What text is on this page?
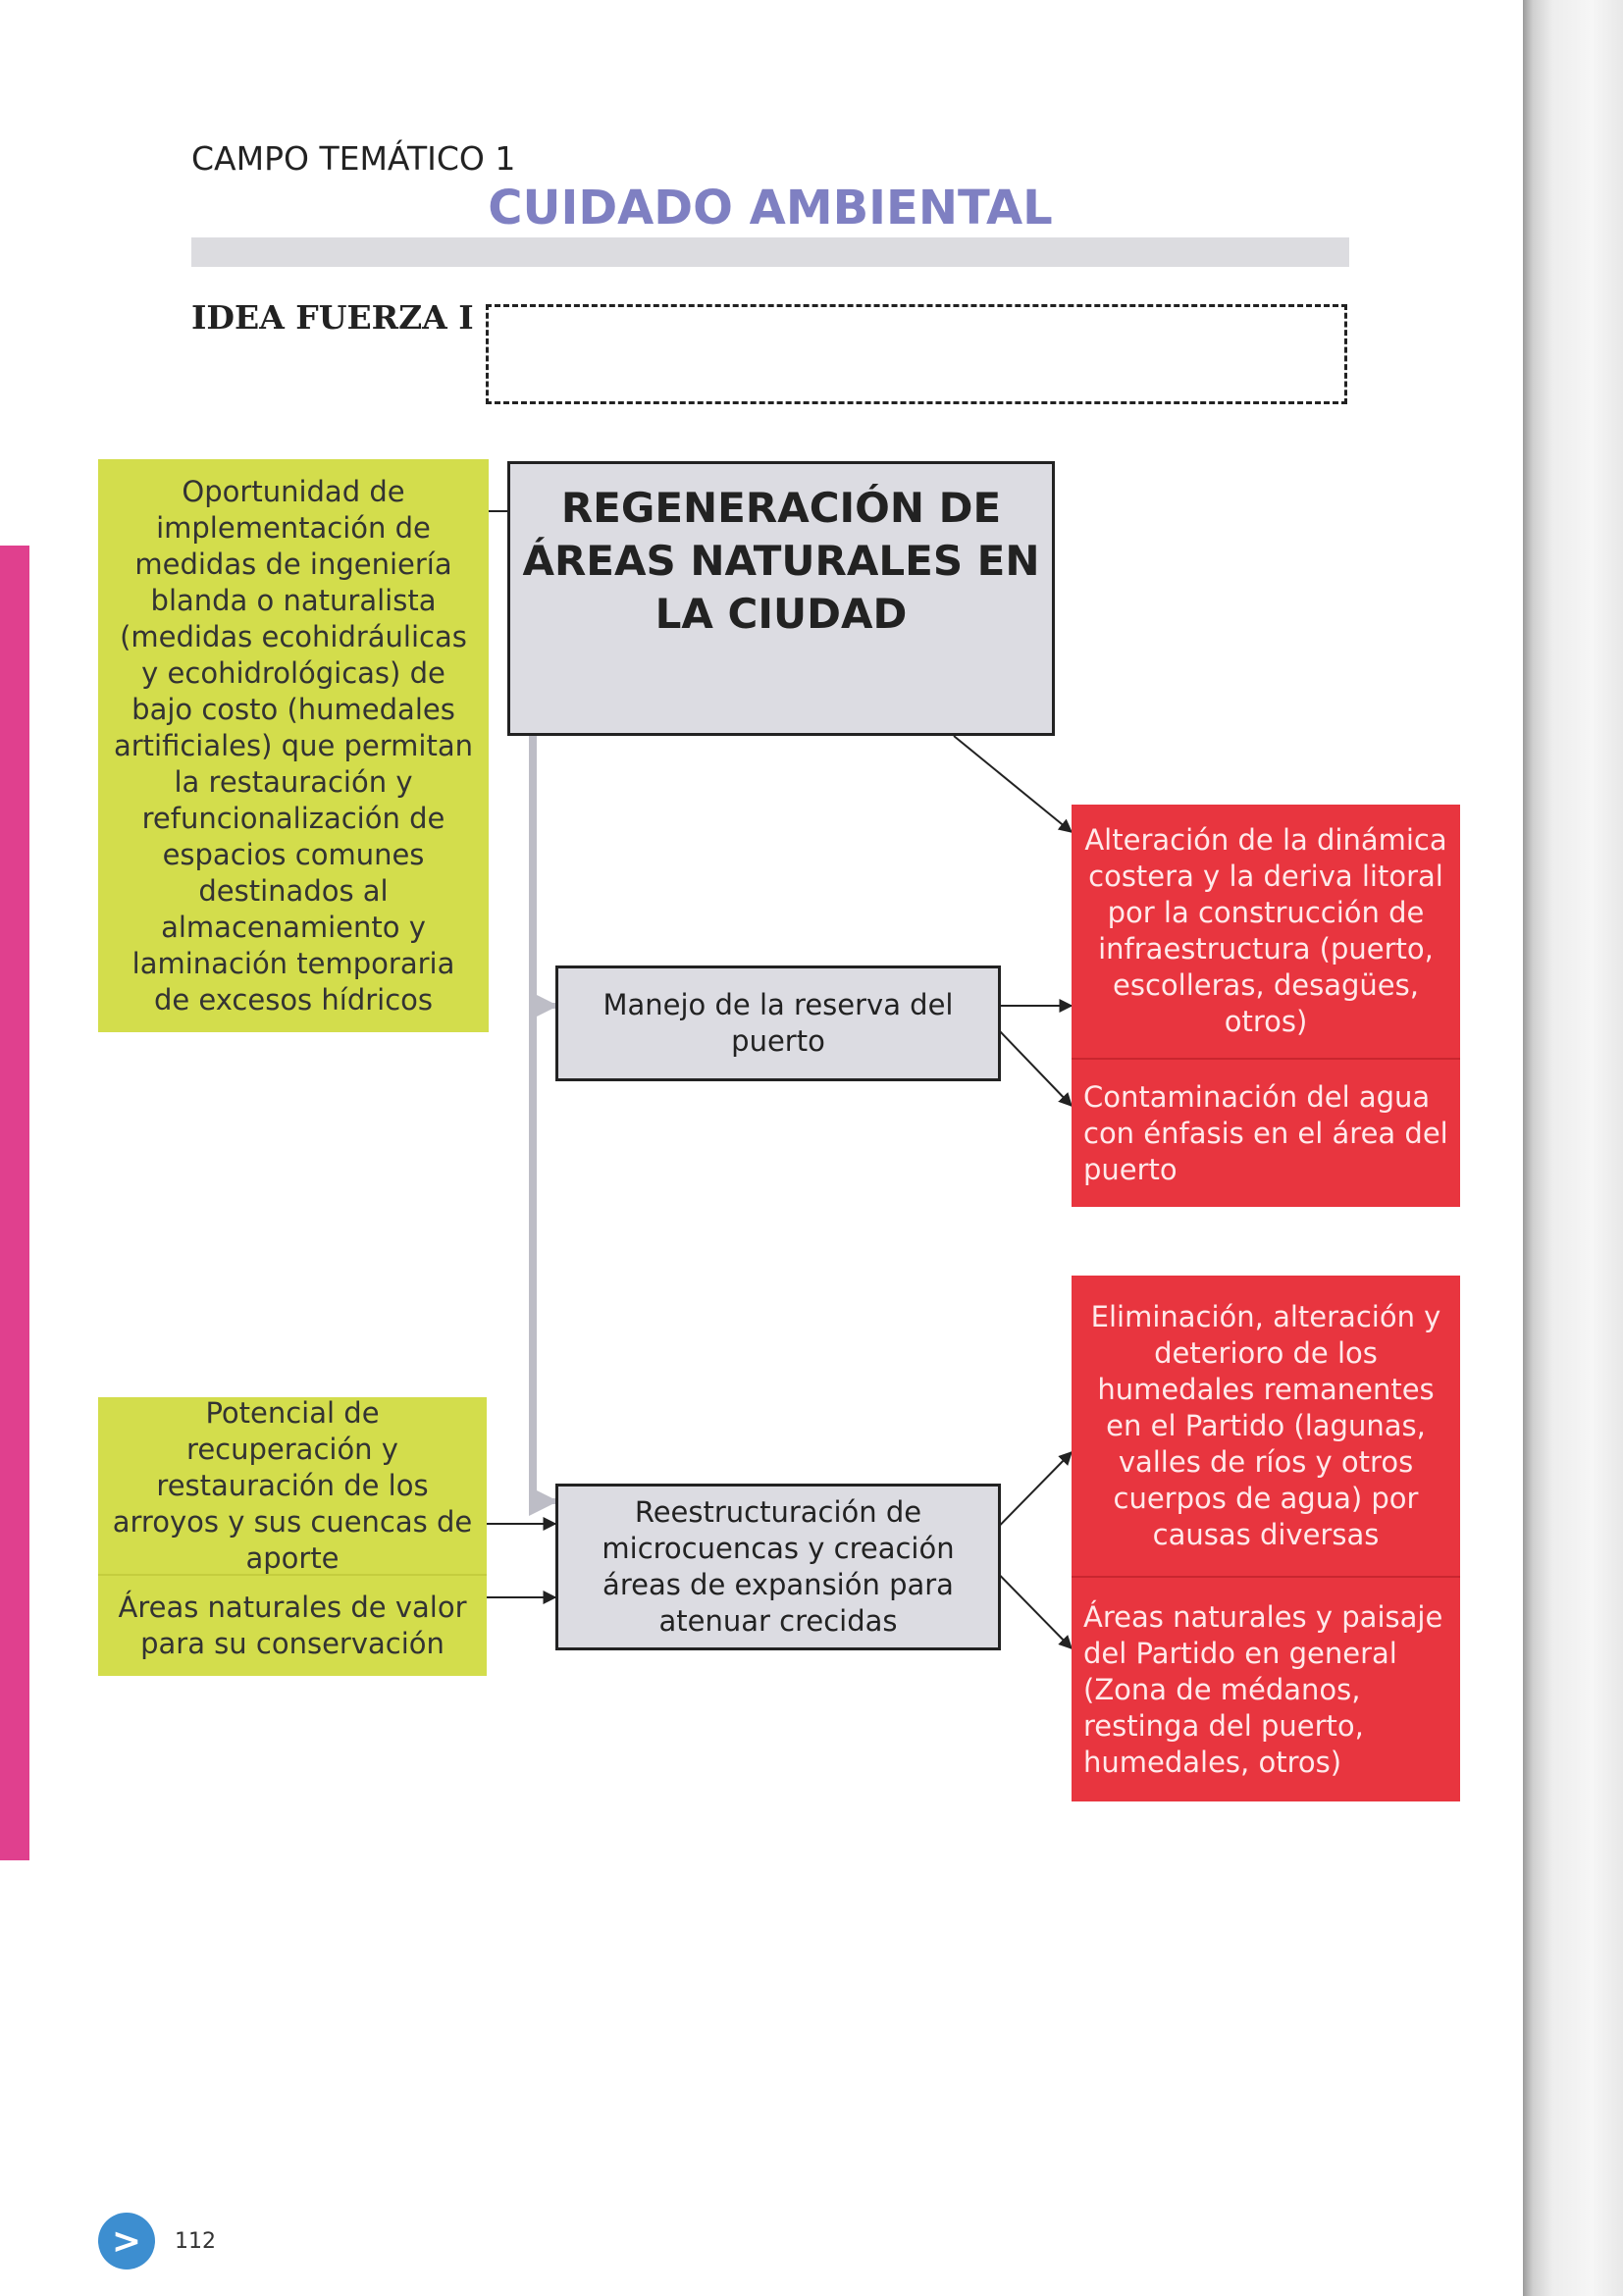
CAMPO TEMÁTICO 1
CUIDADO AMBIENTAL
IDEA FUERZA I
REGENERACIÓN DE ÁREAS NATURALES EN LA CIUDAD
Oportunidad de implementación de medidas de ingeniería blanda o naturalista (medidas ecohidráulicas y ecohidrológicas) de bajo costo (humedales artificiales) que permitan la restauración y refuncionalización de espacios comunes destinados al almacenamiento y laminación temporaria de excesos hídricos
Potencial de recuperación y restauración de los arroyos y sus cuencas de aporte
Áreas naturales de valor para su conservación
Manejo de la reserva del puerto
Reestructuración de microcuencas y creación áreas de expansión para atenuar crecidas
Alteración de la dinámica costera y la deriva litoral por la construcción de infraestructura (puerto, escolleras, desagües, otros)
Contaminación del agua con énfasis en el área del puerto
Eliminación, alteración y deterioro de los humedales remanentes en el Partido (lagunas, valles de ríos y otros cuerpos de agua) por causas diversas
Áreas naturales y paisaje del Partido en general (Zona de médanos, restinga del puerto, humedales, otros)
>	112
